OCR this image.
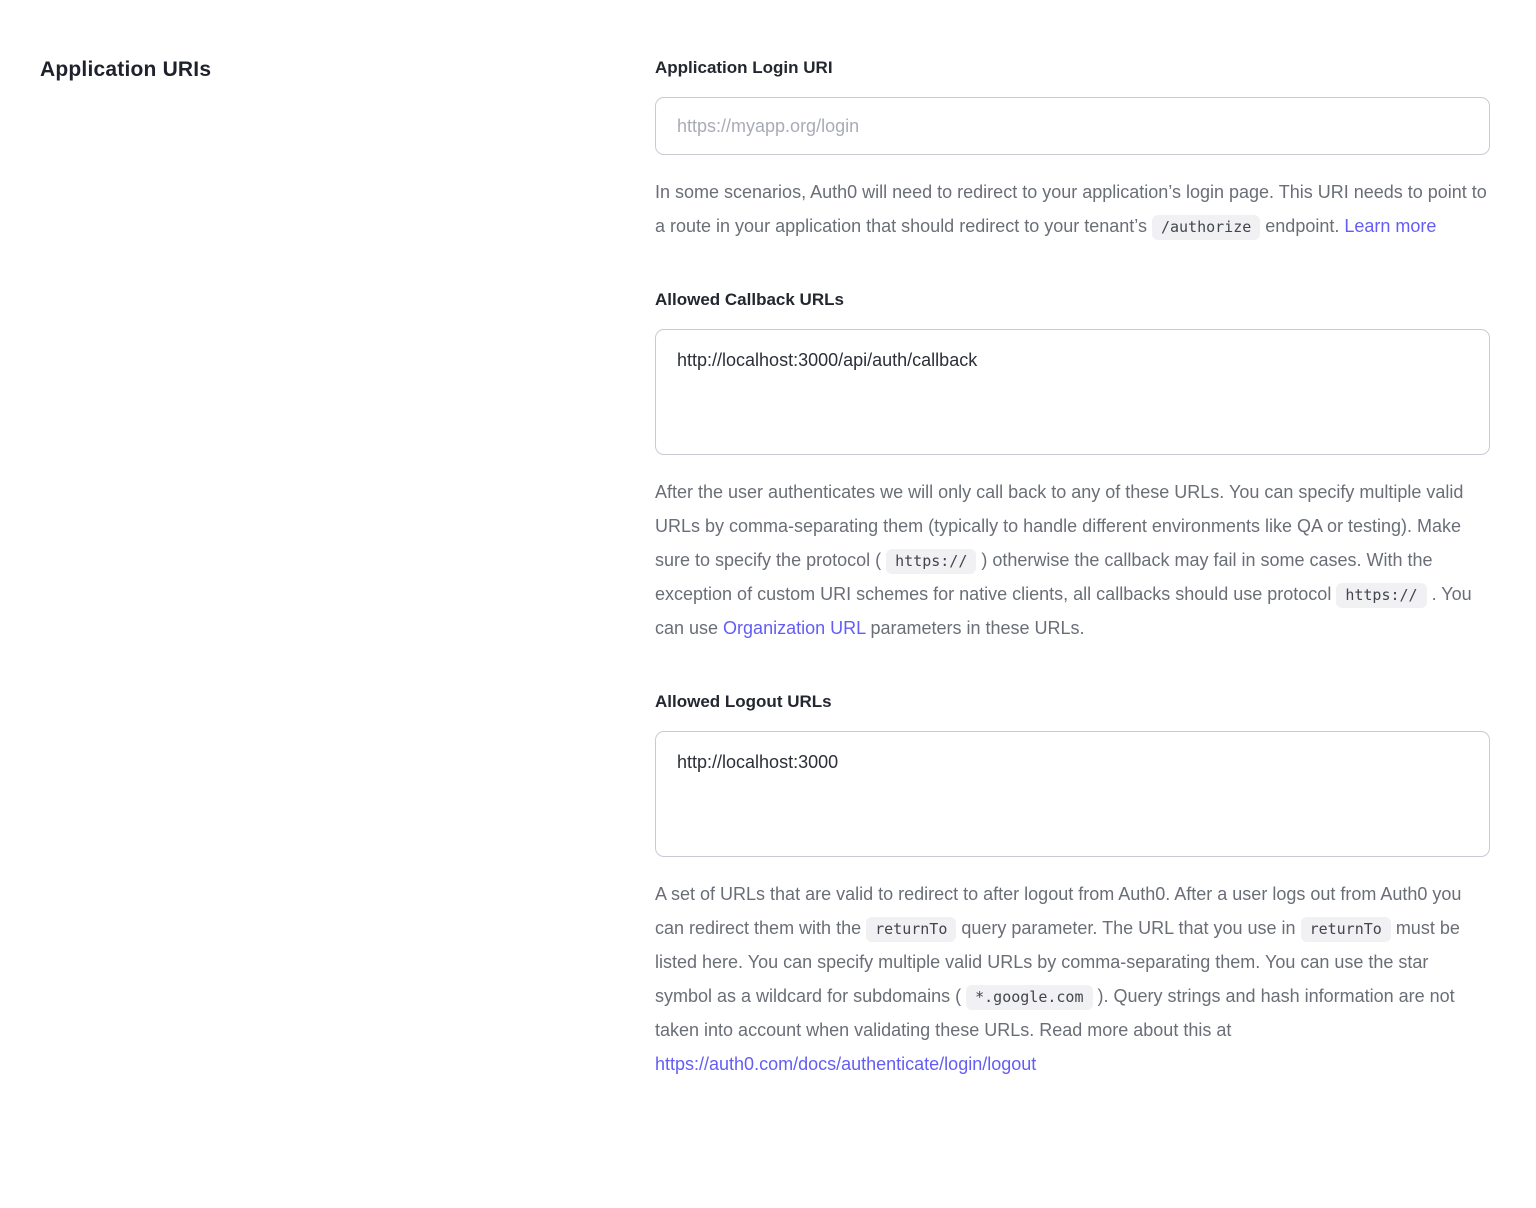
Application URIs	Application Login URI
https://myapp.org/login

In some scenarios, Auth0 will need to redirect to your application’s login page. This URI needs to point to a route in your application that should redirect to your tenant’s /authorize endpoint. Learn more

Allowed Callback URLs
http://localhost:3000/api/auth/callback

After the user authenticates we will only call back to any of these URLs. You can specify multiple valid URLs by comma-separating them (typically to handle different environments like QA or testing). Make sure to specify the protocol ( https:// ) otherwise the callback may fail in some cases. With the exception of custom URI schemes for native clients, all callbacks should use protocol https:// . You can use Organization URL parameters in these URLs.

Allowed Logout URLs
http://localhost:3000

A set of URLs that are valid to redirect to after logout from Auth0. After a user logs out from Auth0 you can redirect them with the returnTo query parameter. The URL that you use in returnTo must be listed here. You can specify multiple valid URLs by comma-separating them. You can use the star symbol as a wildcard for subdomains ( *.google.com ). Query strings and hash information are not taken into account when validating these URLs. Read more about this at https://auth0.com/docs/authenticate/login/logout
